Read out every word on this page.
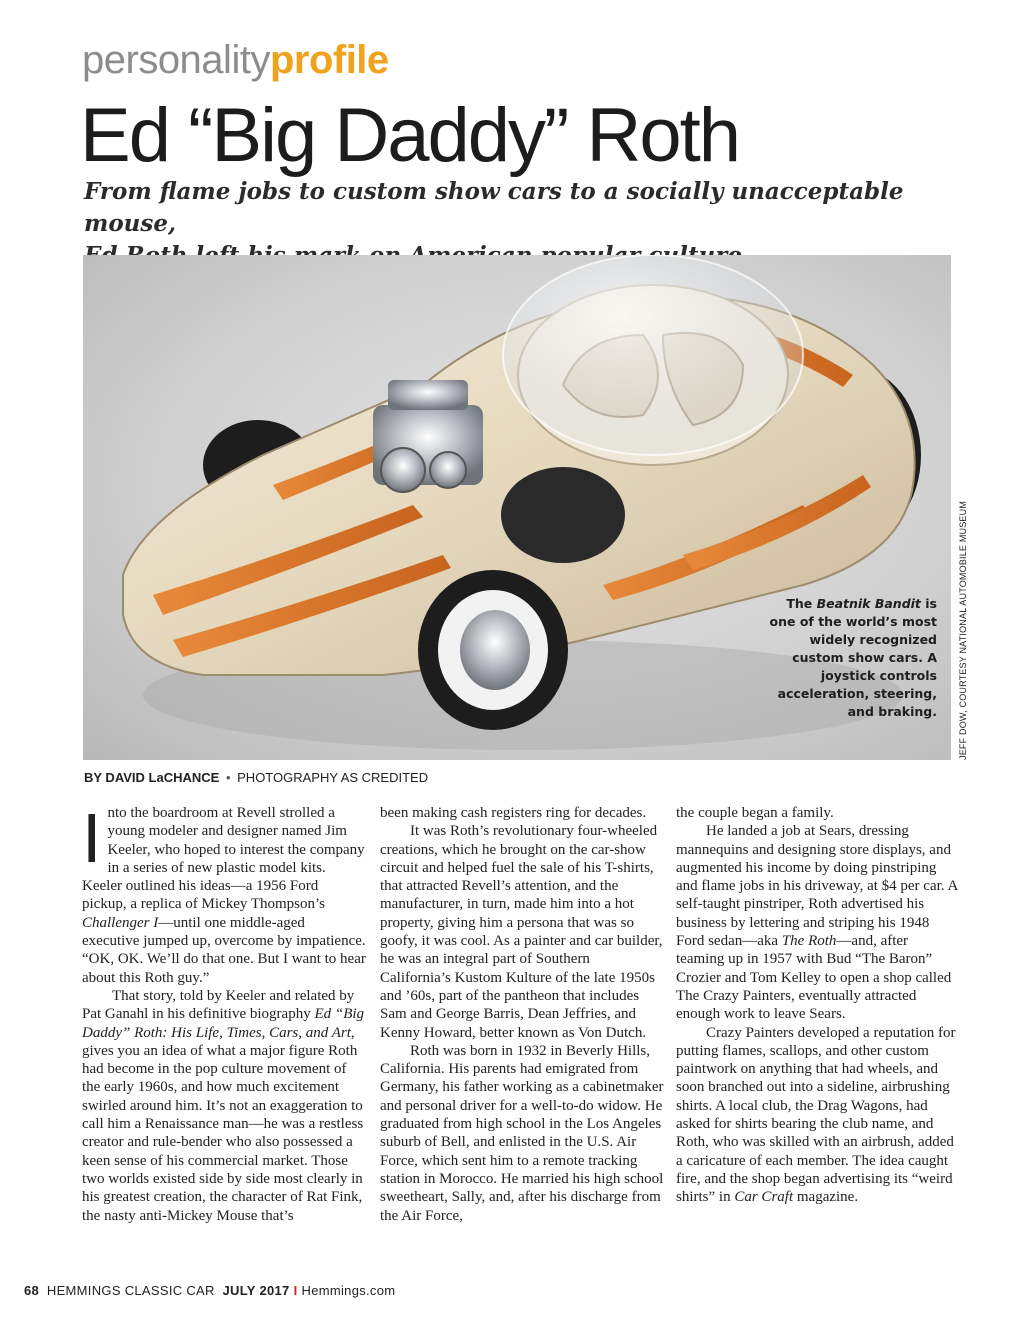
personalityprofile
Ed “Big Daddy” Roth
From flame jobs to custom show cars to a socially unacceptable mouse,
The Beatnik Bandit is one of the world’s most widely recognized custom show cars. A joystick controls acceleration, steering, and braking. JEFF DOW, COURTESY NATIONAL AUTOMOBILE MUSEUM
BY DAVID LaCHANCE • PHOTOGRAPHY AS CREDITED

Into the boardroom at Revell strolled a young modeler and designer named Jim Keeler, who hoped to interest the company in a series of new plastic model kits. Keeler outlined his ideas—a 1956 Ford pickup, a replica of Mickey Thompson’s Challenger I—until one middle-aged executive jumped up, overcome by impatience. “OK, OK. We’ll do that one. But I want to hear about this Roth guy.”

That story, told by Keeler and related by Pat Ganahl in his definitive biography Ed “Big Daddy” Roth: His Life, Times, Cars, and Art, gives you an idea of what a major figure Roth had become in the pop culture movement of the early 1960s, and how much excitement swirled around him. It’s not an exaggeration to call him a Renaissance man—he was a restless creator and rule-bender who also possessed a keen sense of his commercial market. Those two worlds existed side by side most clearly in his greatest creation, the character of Rat Fink, the nasty anti-Mickey Mouse that’s

been making cash registers ring for decades.

It was Roth’s revolutionary four-wheeled creations, which he brought on the car-show circuit and helped fuel the sale of his T-shirts, that attracted Revell’s attention, and the manufacturer, in turn, made him into a hot property, giving him a persona that was so goofy, it was cool. As a painter and car builder, he was an integral part of Southern California’s Kustom Kulture of the late 1950s and ’60s, part of the pantheon that includes Sam and George Barris, Dean Jeffries, and Kenny Howard, better known as Von Dutch.

Roth was born in 1932 in Beverly Hills, California. His parents had emigrated from Germany, his father working as a cabinetmaker and personal driver for a well-to-do widow. He graduated from high school in the Los Angeles suburb of Bell, and enlisted in the U.S. Air Force, which sent him to a remote tracking station in Morocco. He married his high school sweetheart, Sally, and, after his discharge from the Air Force,

the couple began a family.

He landed a job at Sears, dressing mannequins and designing store displays, and augmented his income by doing pinstriping and flame jobs in his driveway, at $4 per car. A self-taught pinstriper, Roth advertised his business by lettering and striping his 1948 Ford sedan—aka The Roth—and, after teaming up in 1957 with Bud “The Baron” Crozier and Tom Kelley to open a shop called The Crazy Painters, eventually attracted enough work to leave Sears.

Crazy Painters developed a reputation for putting flames, scallops, and other custom paintwork on anything that had wheels, and soon branched out into a sideline, airbrushing shirts. A local club, the Drag Wagons, had asked for shirts bearing the club name, and Roth, who was skilled with an airbrush, added a caricature of each member. The idea caught fire, and the shop began advertising its “weird shirts” in Car Craft magazine.

68 HEMMINGS CLASSIC CAR JULY 2017 I Hemmings.com
